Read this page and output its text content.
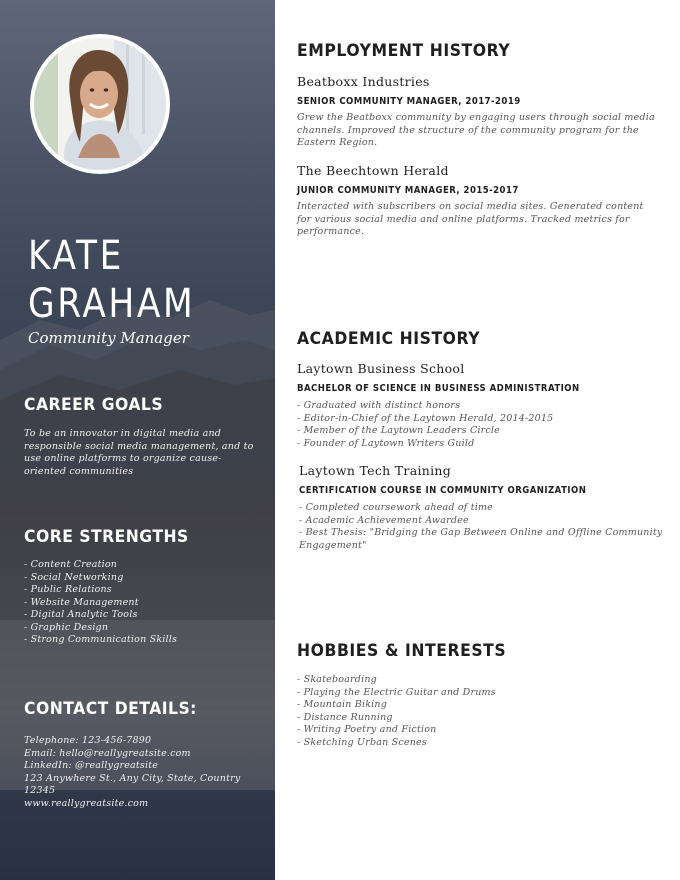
KATE
GRAHAM
Community Manager
CAREER GOALS
To be an innovator in digital media and responsible social media management, and to use online platforms to organize cause-oriented communities
CORE STRENGTHS
- Content Creation
- Social Networking
- Public Relations
- Website Management
- Digital Analytic Tools
- Graphic Design
- Strong Communication Skills
CONTACT DETAILS:
Telephone: 123-456-7890
Email: hello@reallygreatsite.com
LinkedIn: @reallygreatsite
123 Anywhere St., Any City, State, Country
12345
www.reallygreatsite.com
EMPLOYMENT HISTORY
Beatboxx Industries
SENIOR COMMUNITY MANAGER, 2017-2019
Grew the Beatboxx community by engaging users through social media channels. Improved the structure of the community program for the Eastern Region.
The Beechtown Herald
JUNIOR COMMUNITY MANAGER, 2015-2017
Interacted with subscribers on social media sites. Generated content for various social media and online platforms. Tracked metrics for performance.
ACADEMIC HISTORY
Laytown Business School
BACHELOR OF SCIENCE IN BUSINESS ADMINISTRATION
- Graduated with distinct honors
- Editor-in-Chief of the Laytown Herald, 2014-2015
- Member of the Laytown Leaders Circle
- Founder of Laytown Writers Guild
Laytown Tech Training
CERTIFICATION COURSE IN COMMUNITY ORGANIZATION
- Completed coursework ahead of time
- Academic Achievement Awardee
- Best Thesis: "Bridging the Gap Between Online and Offline Community
Engagement"
HOBBIES & INTERESTS
- Skateboarding
- Playing the Electric Guitar and Drums
- Mountain Biking
- Distance Running
- Writing Poetry and Fiction
- Sketching Urban Scenes
